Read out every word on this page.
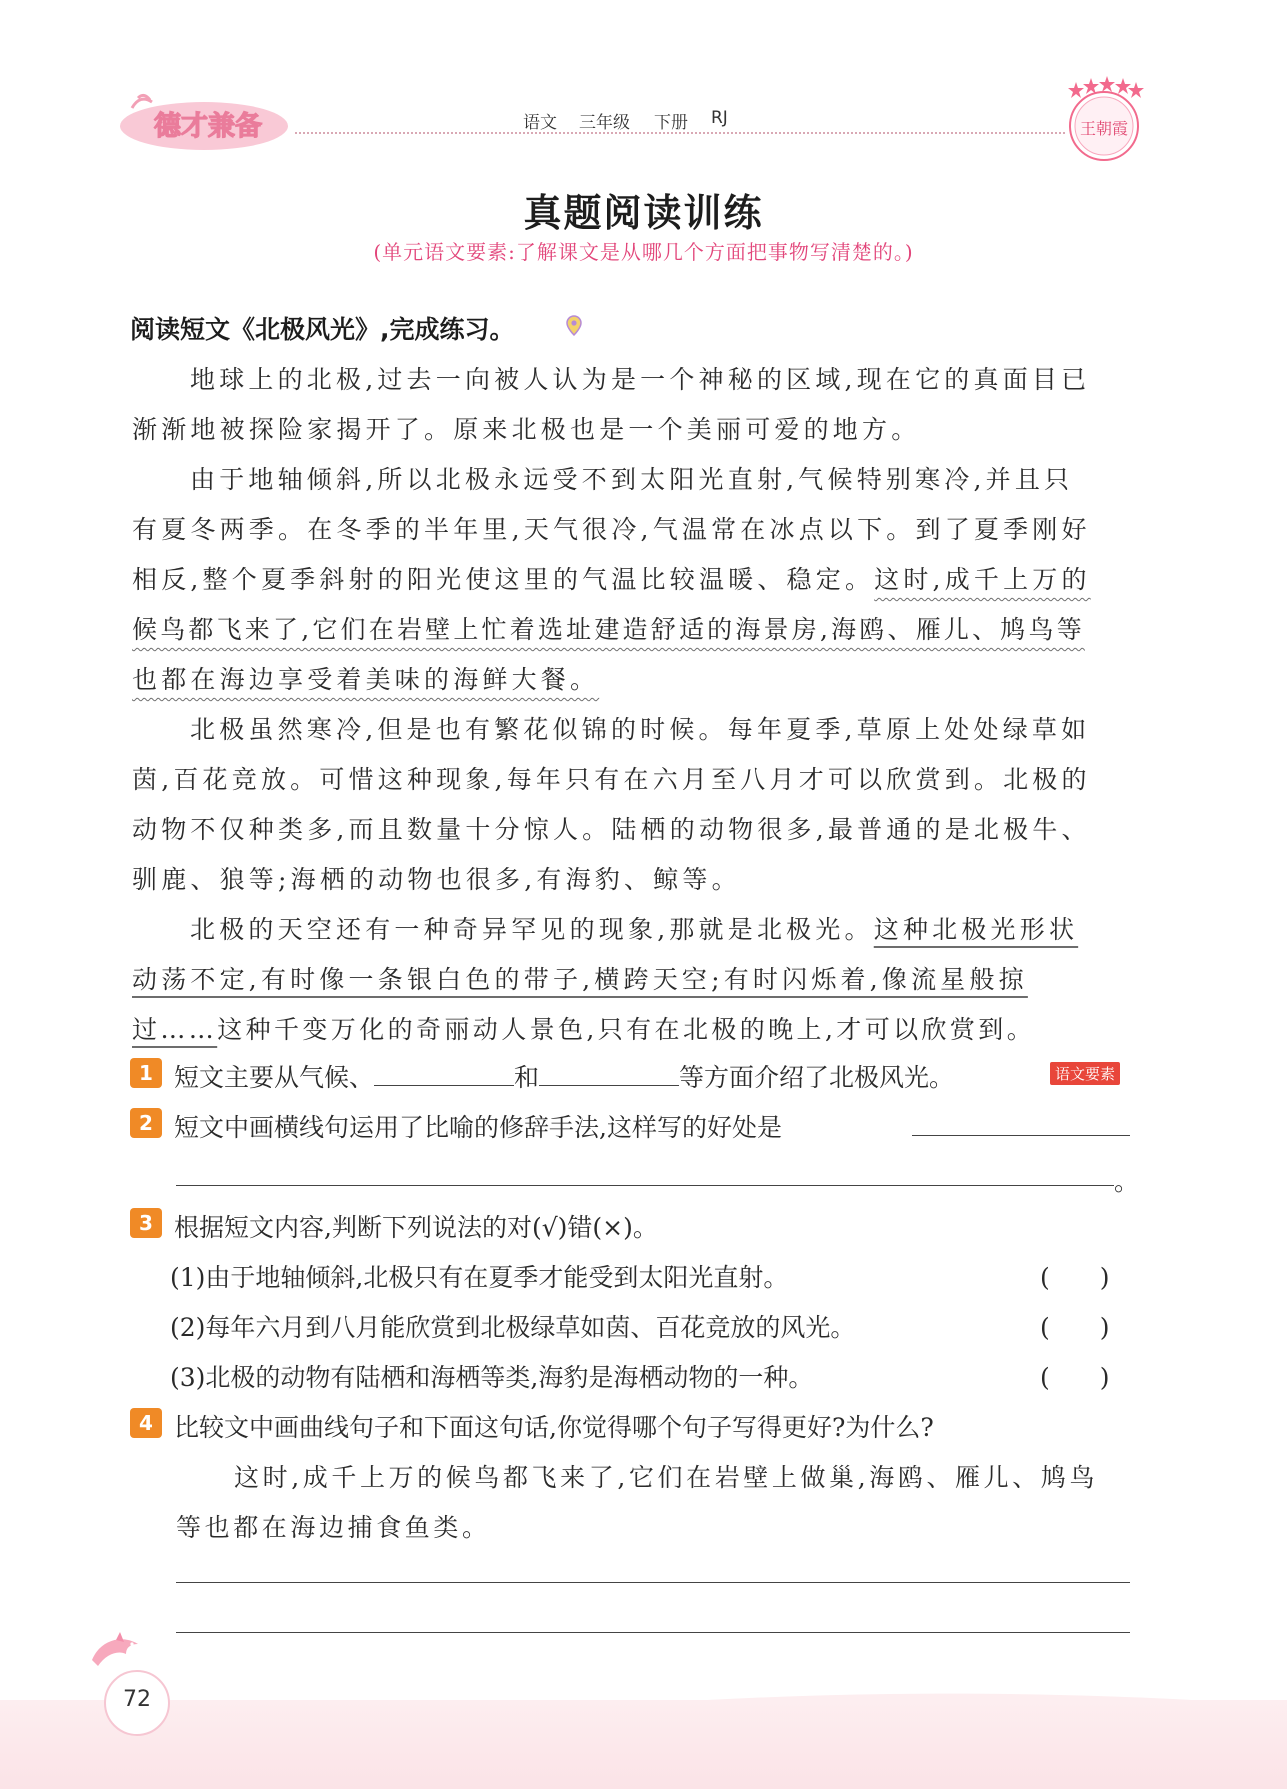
德才兼备	语文 三年级 下册 RJ
王朝霞
真题阅读训练
(单元语文要素:了解课文是从哪几个方面把事物写清楚的。)
阅读短文《北极风光》,完成练习。
地球上的北极,过去一向被人认为是一个神秘的区域,现在它的真面目已
渐渐地被探险家揭开了。原来北极也是一个美丽可爱的地方。
由于地轴倾斜,所以北极永远受不到太阳光直射,气候特别寒冷,并且只
有夏冬两季。在冬季的半年里,天气很冷,气温常在冰点以下。到了夏季刚好
相反,整个夏季斜射的阳光使这里的气温比较温暖、稳定。这时,成千上万的
候鸟都飞来了,它们在岩壁上忙着选址建造舒适的海景房,海鸥、雁儿、鸠鸟等
也都在海边享受着美味的海鲜大餐。
北极虽然寒冷,但是也有繁花似锦的时候。每年夏季,草原上处处绿草如
茵,百花竞放。可惜这种现象,每年只有在六月至八月才可以欣赏到。北极的
动物不仅种类多,而且数量十分惊人。陆栖的动物很多,最普通的是北极牛、
驯鹿、狼等;海栖的动物也很多,有海豹、鲸等。
北极的天空还有一种奇异罕见的现象,那就是北极光。这种北极光形状
动荡不定,有时像一条银白色的带子,横跨天空;有时闪烁着,像流星般掠
过……这种千变万化的奇丽动人景色,只有在北极的晚上,才可以欣赏到。
1 短文主要从气候、	和	等方面介绍了北极风光。	语文要素
2 短文中画横线句运用了比喻的修辞手法,这样写的好处是
。
3 根据短文内容,判断下列说法的对(√)错(×)。
(1)由于地轴倾斜,北极只有在夏季才能受到太阳光直射。	(　　)
(2)每年六月到八月能欣赏到北极绿草如茵、百花竞放的风光。	(　　)
(3)北极的动物有陆栖和海栖等类,海豹是海栖动物的一种。	(　　)
4 比较文中画曲线句子和下面这句话,你觉得哪个句子写得更好?为什么?
这时,成千上万的候鸟都飞来了,它们在岩壁上做巢,海鸥、雁儿、鸠鸟
等也都在海边捕食鱼类。
72
